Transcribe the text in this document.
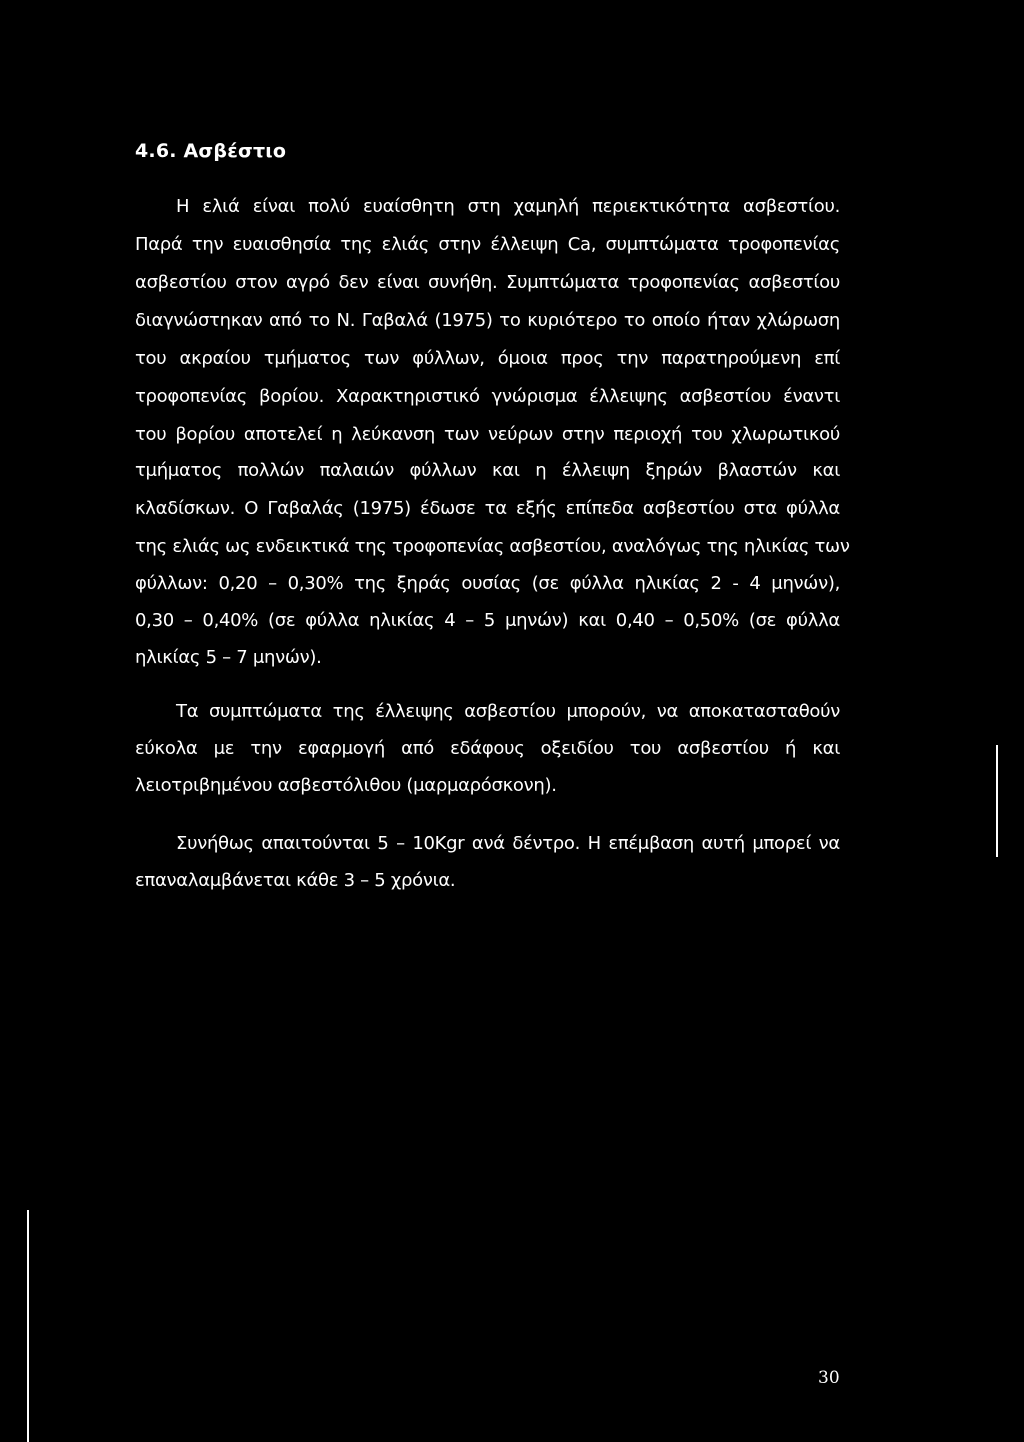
4.6. Ασβέστιο
Η ελιά είναι πολύ ευαίσθητη στη χαμηλή περιεκτικότητα ασβεστίου.
Παρά την ευαισθησία της ελιάς στην έλλειψη Ca, συμπτώματα τροφοπενίας
ασβεστίου στον αγρό δεν είναι συνήθη. Συμπτώματα τροφοπενίας ασβεστίου
διαγνώστηκαν από το Ν. Γαβαλά (1975) το κυριότερο το οποίο ήταν χλώρωση
του ακραίου τμήματος των φύλλων, όμοια προς την παρατηρούμενη επί
τροφοπενίας βορίου. Χαρακτηριστικό γνώρισμα έλλειψης ασβεστίου έναντι
του βορίου αποτελεί η λεύκανση των νεύρων στην περιοχή του χλωρωτικού
τμήματος πολλών παλαιών φύλλων και η έλλειψη ξηρών βλαστών και
κλαδίσκων. Ο Γαβαλάς (1975) έδωσε τα εξής επίπεδα ασβεστίου στα φύλλα
της ελιάς ως ενδεικτικά της τροφοπενίας ασβεστίου, αναλόγως της ηλικίας των
φύλλων: 0,20 – 0,30% της ξηράς ουσίας (σε φύλλα ηλικίας 2 - 4 μηνών),
0,30 – 0,40% (σε φύλλα ηλικίας 4 – 5 μηνών) και 0,40 – 0,50% (σε φύλλα
ηλικίας 5 – 7 μηνών).
Τα συμπτώματα της έλλειψης ασβεστίου μπορούν, να αποκατασταθούν
εύκολα με την εφαρμογή από εδάφους οξειδίου του ασβεστίου ή και
λειοτριβημένου ασβεστόλιθου (μαρμαρόσκονη).
Συνήθως απαιτούνται 5 – 10Kgr ανά δέντρο. Η επέμβαση αυτή μπορεί να
επαναλαμβάνεται κάθε 3 – 5 χρόνια.
30
